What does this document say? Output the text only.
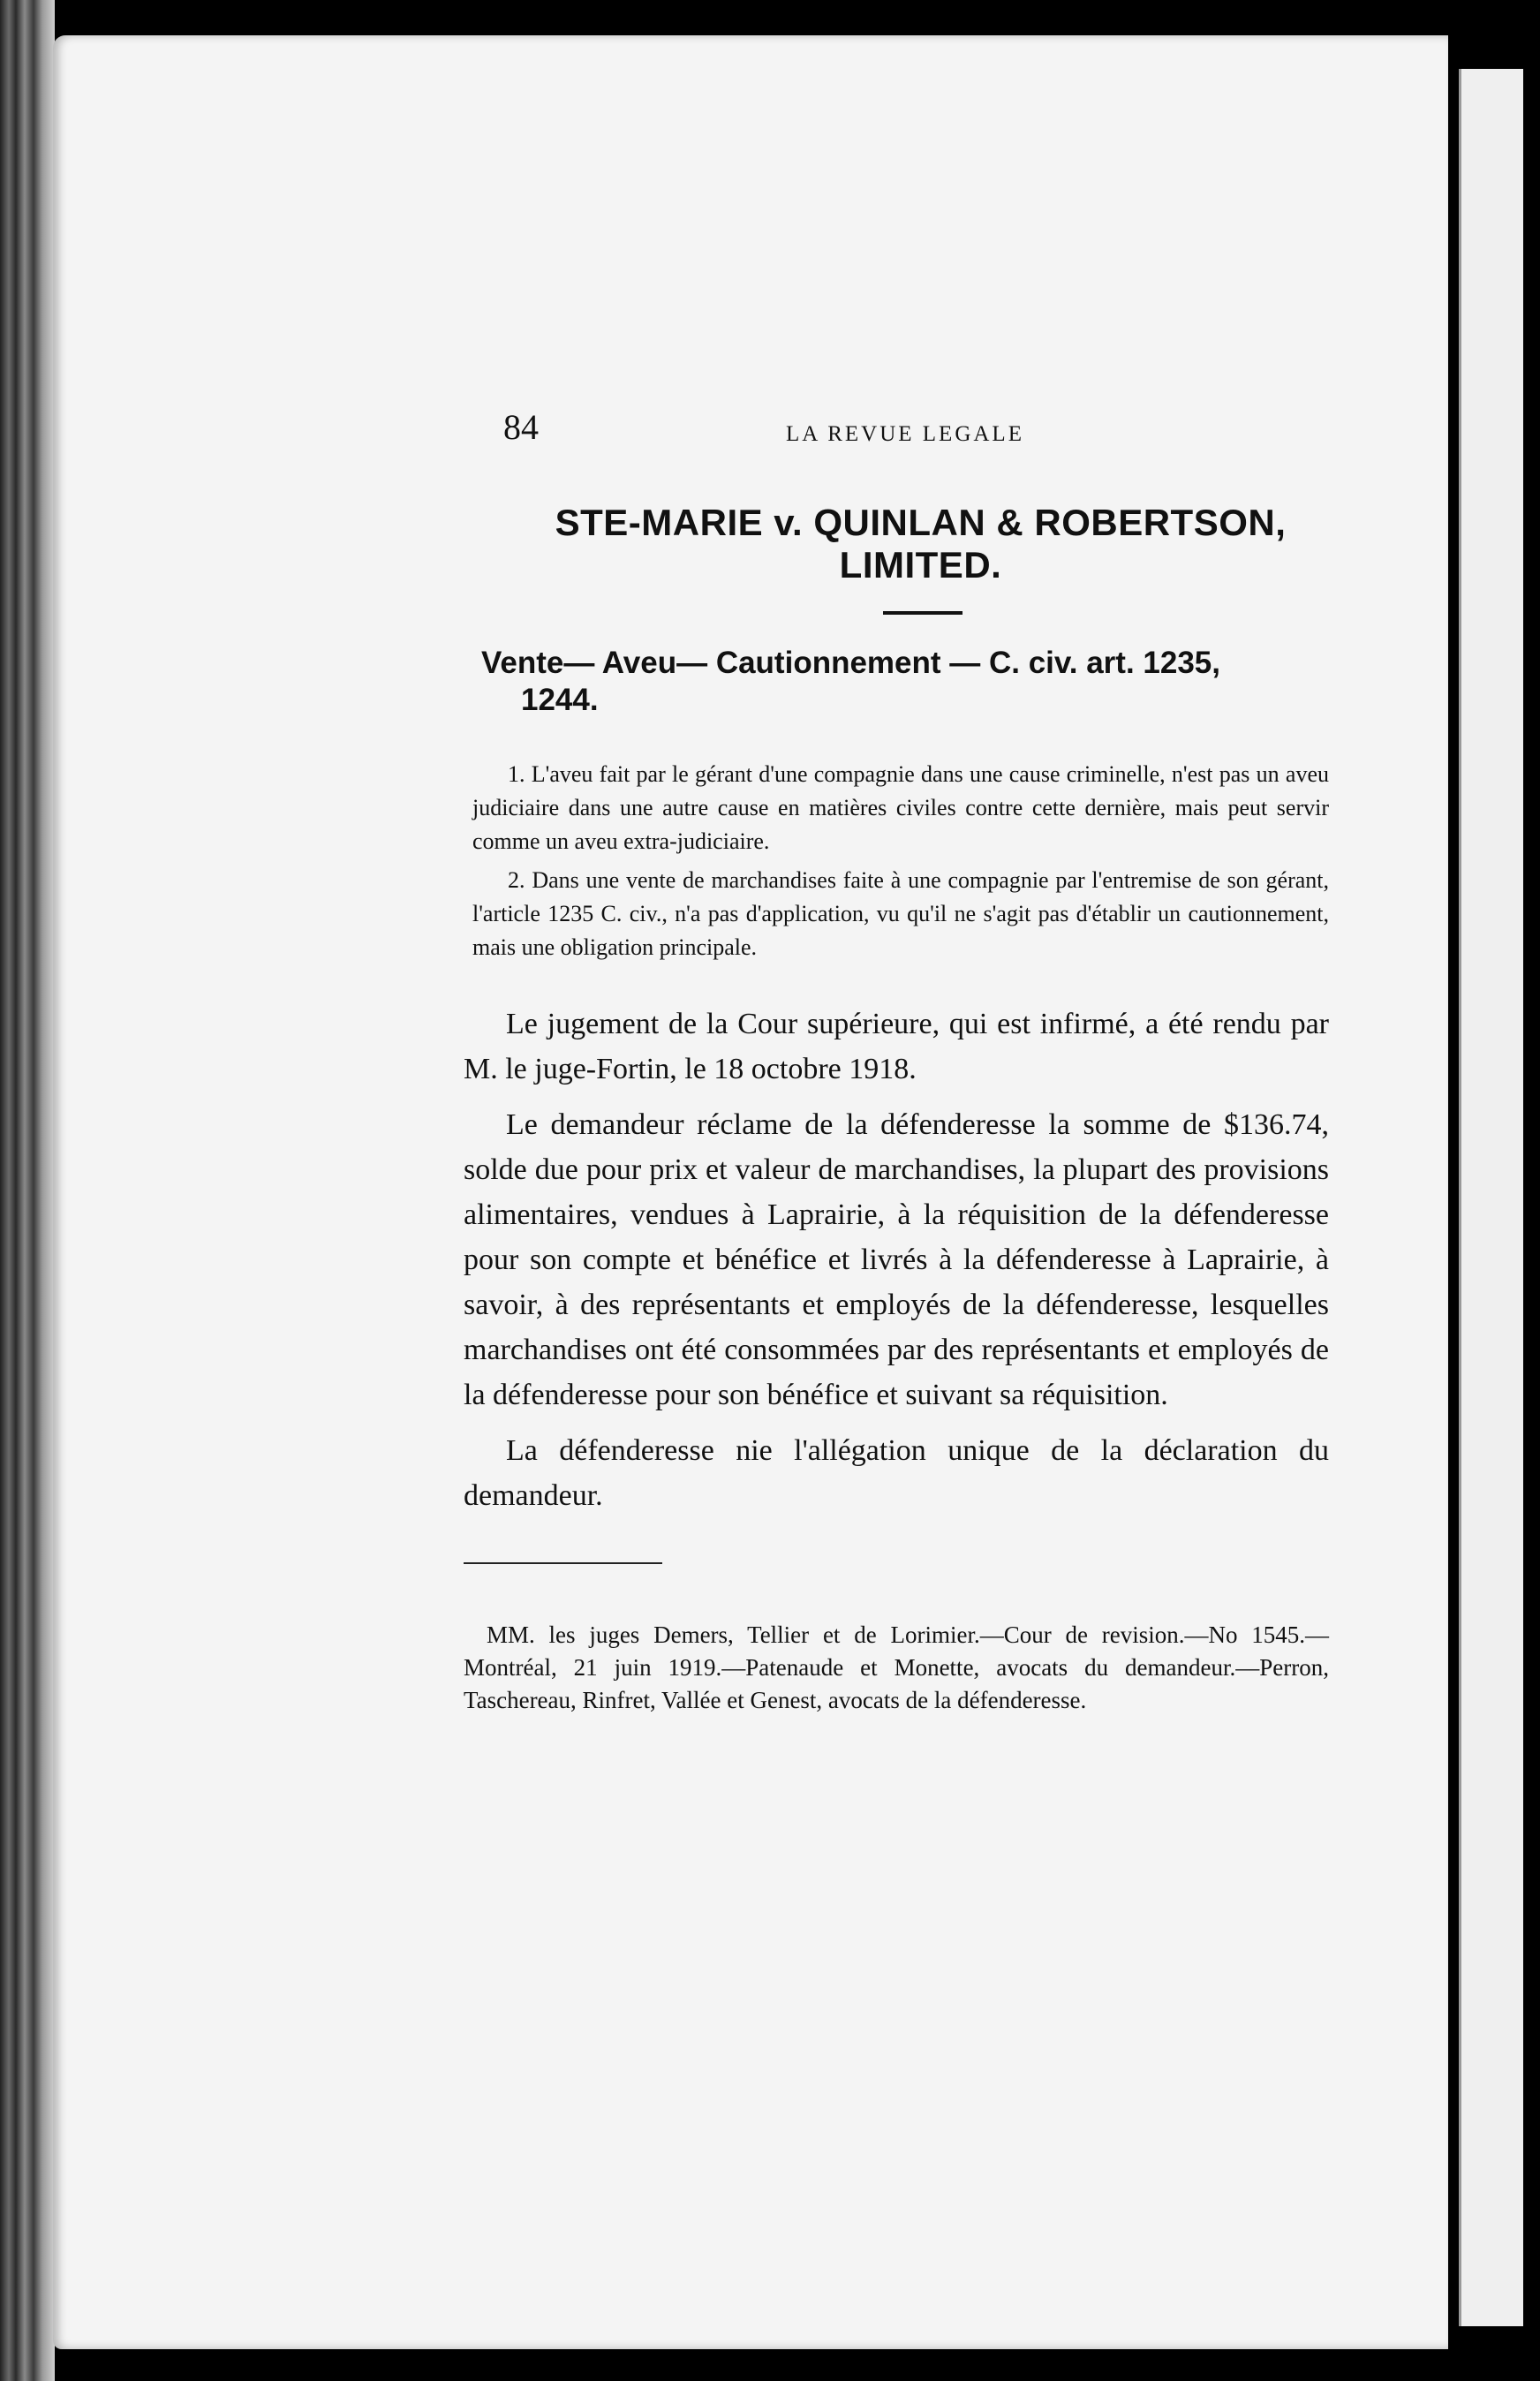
84	LA REVUE LEGALE
STE-MARIE v. QUINLAN & ROBERTSON, LIMITED.
Vente— Aveu— Cautionnement — C. civ. art. 1235,
1244.

1. L'aveu fait par le gérant d'une compagnie dans une cause criminelle, n'est pas un aveu judiciaire dans une autre cause en matières civiles contre cette dernière, mais peut servir comme un aveu extra-judiciaire.

2. Dans une vente de marchandises faite à une compagnie par l'entremise de son gérant, l'article 1235 C. civ., n'a pas d'application, vu qu'il ne s'agit pas d'établir un cautionnement, mais une obligation principale.

Le jugement de la Cour supérieure, qui est infirmé, a été rendu par M. le juge-Fortin, le 18 octobre 1918.

Le demandeur réclame de la défenderesse la somme de $136.74, solde due pour prix et valeur de marchandises, la plupart des provisions alimentaires, vendues à Laprairie, à la réquisition de la défenderesse pour son compte et bénéfice et livrés à la défenderesse à Laprairie, à savoir, à des représentants et employés de la défenderesse, lesquelles marchandises ont été consommées par des représentants et employés de la défenderesse pour son bénéfice et suivant sa réquisition.

La défenderesse nie l'allégation unique de la déclaration du demandeur.

MM. les juges Demers, Tellier et de Lorimier.—Cour de revision.—No 1545.—Montréal, 21 juin 1919.—Patenaude et Monette, avocats du demandeur.—Perron, Taschereau, Rinfret, Vallée et Genest, avocats de la défenderesse.
